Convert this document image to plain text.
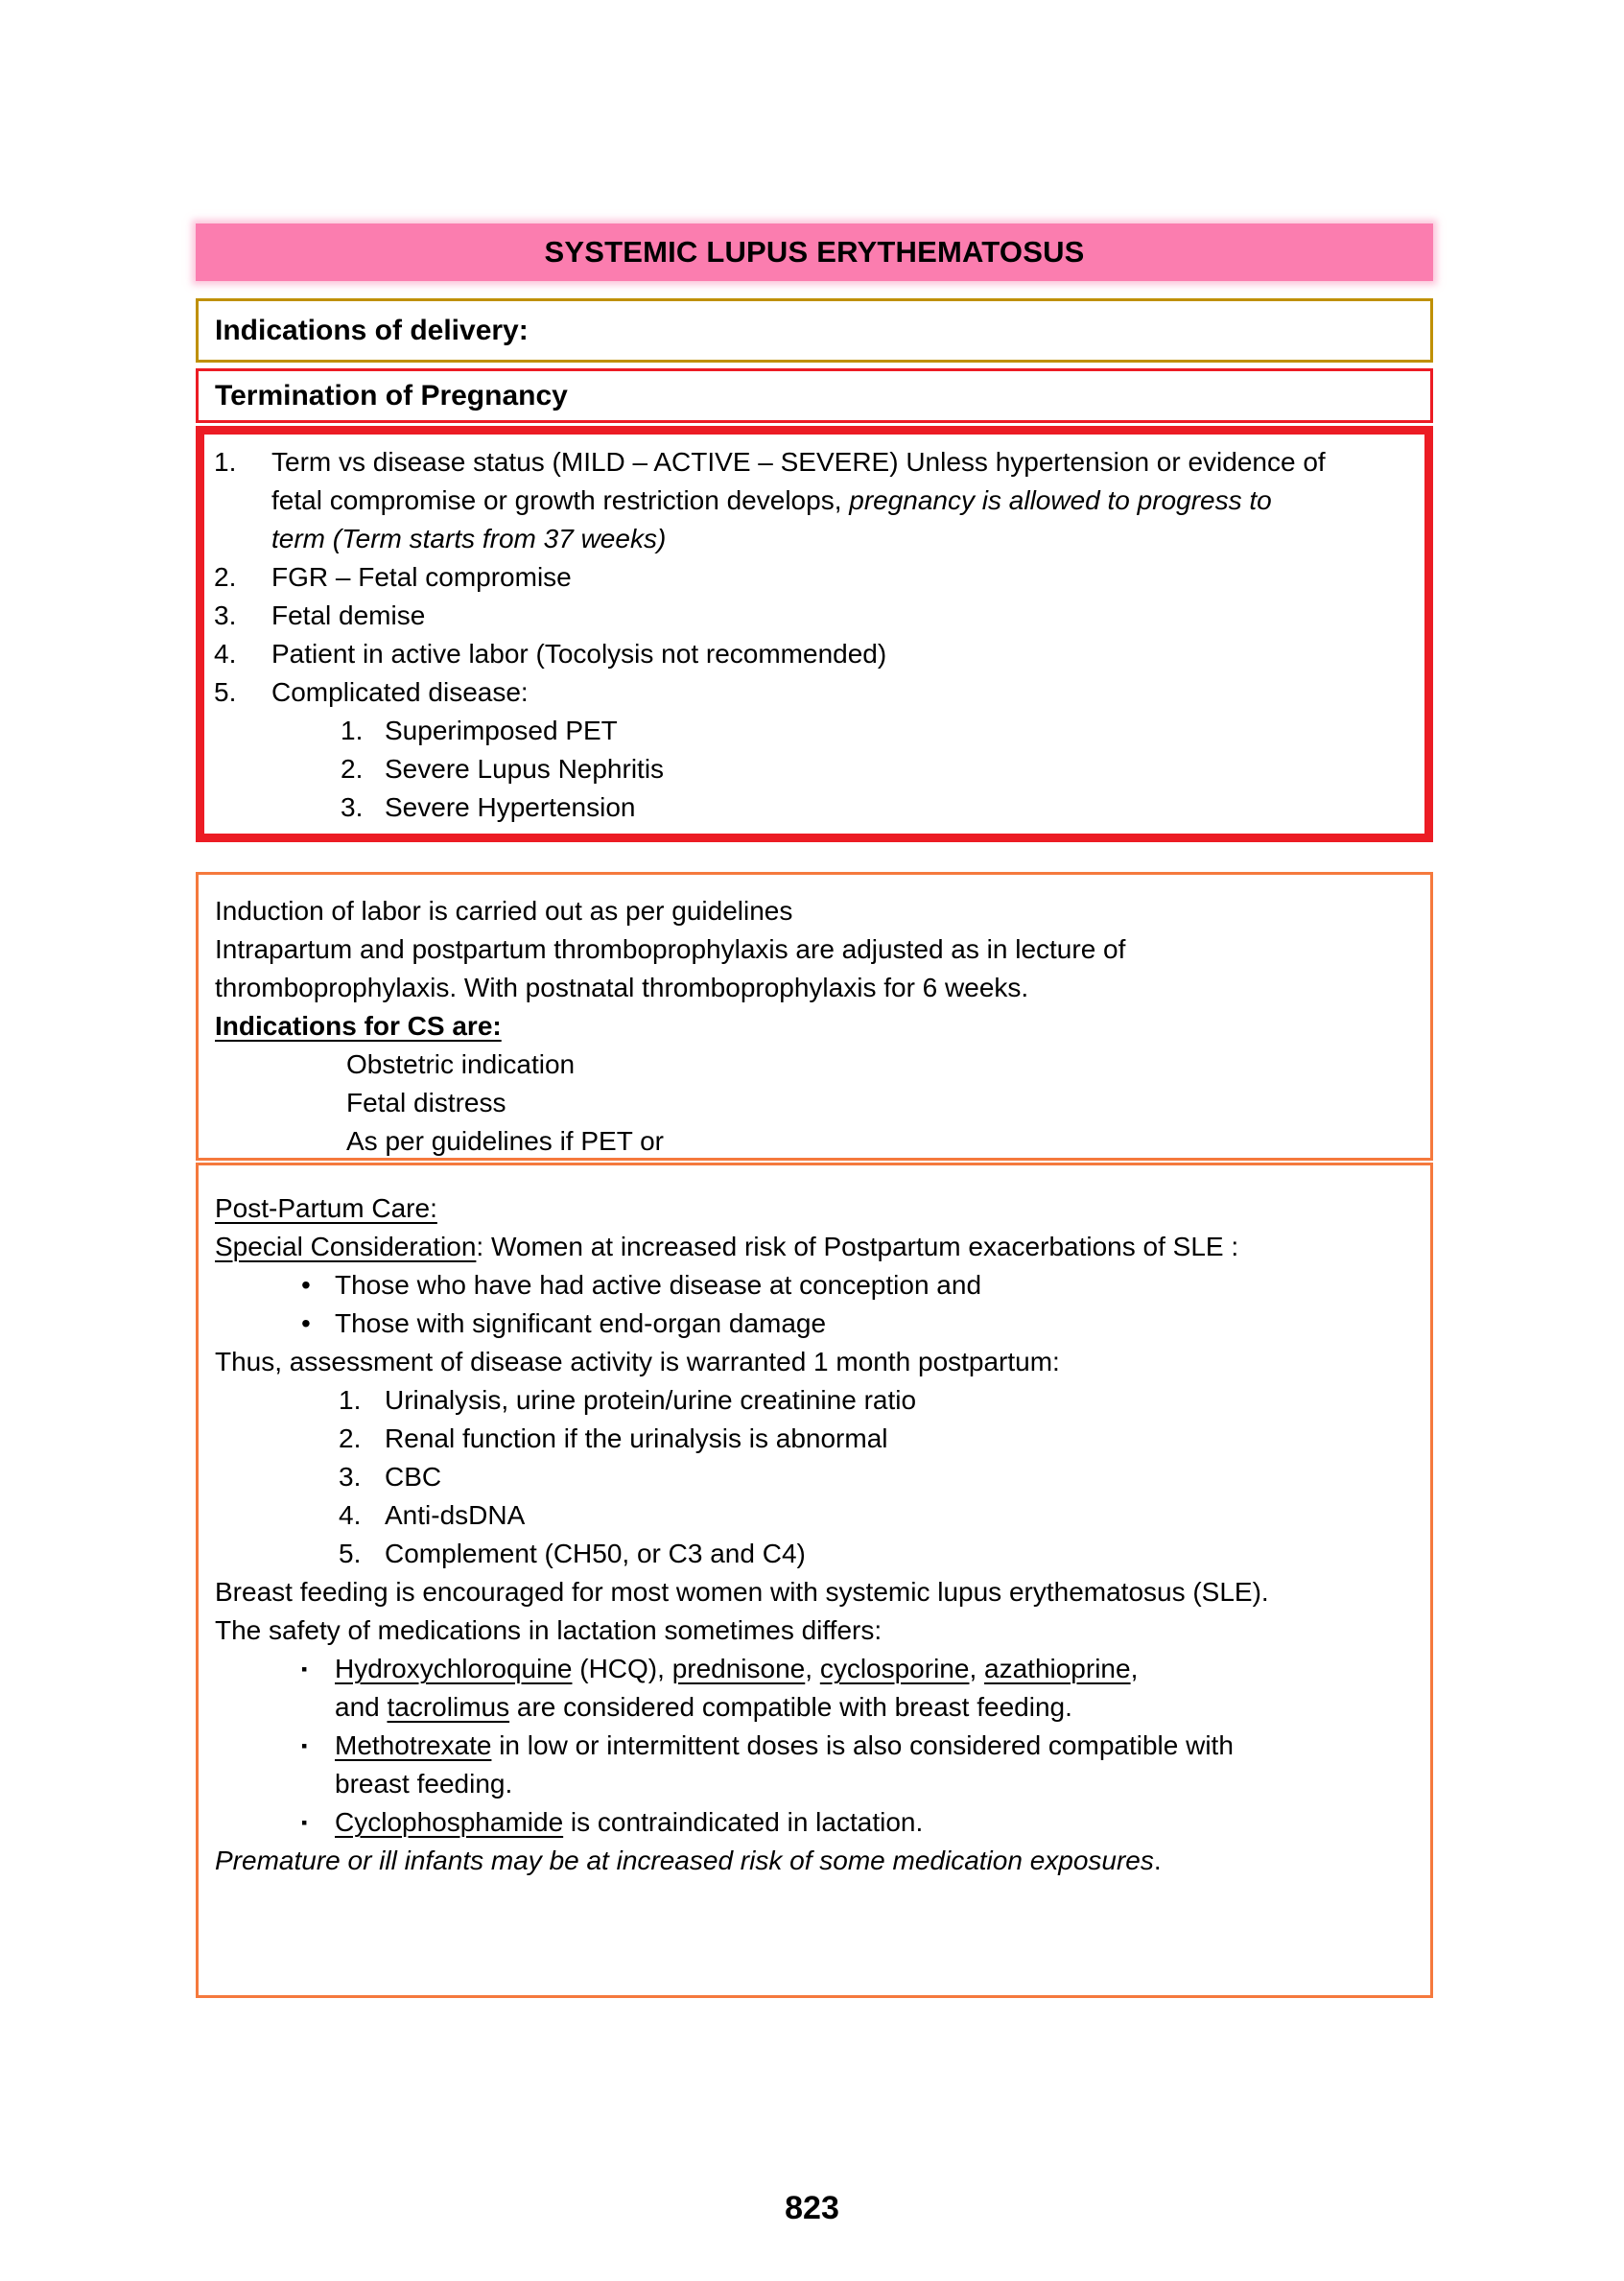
SYSTEMIC LUPUS ERYTHEMATOSUS
Indications of delivery:
Termination of Pregnancy
1.	Term vs disease status (MILD – ACTIVE – SEVERE) Unless hypertension or evidence of
fetal compromise or growth restriction develops, pregnancy is allowed to progress to
term (Term starts from 37 weeks)
2.	FGR – Fetal compromise
3.	Fetal demise
4.	Patient in active labor (Tocolysis not recommended)
5.	Complicated disease:
1. Superimposed PET
2. Severe Lupus Nephritis
3. Severe Hypertension
Induction of labor is carried out as per guidelines
Intrapartum and postpartum thromboprophylaxis are adjusted as in lecture of
thromboprophylaxis. With postnatal thromboprophylaxis for 6 weeks.
Indications for CS are:
Obstetric indication
Fetal distress
As per guidelines if PET or
Post-Partum Care:
Special Consideration: Women at increased risk of Postpartum exacerbations of SLE :
• Those who have had active disease at conception and
• Those with significant end-organ damage
Thus, assessment of disease activity is warranted 1 month postpartum:
1. Urinalysis, urine protein/urine creatinine ratio
2. Renal function if the urinalysis is abnormal
3. CBC
4. Anti-dsDNA
5. Complement (CH50, or C3 and C4)
Breast feeding is encouraged for most women with systemic lupus erythematosus (SLE).
The safety of medications in lactation sometimes differs:
▪	Hydroxychloroquine (HCQ), prednisone, cyclosporine, azathioprine,
and tacrolimus are considered compatible with breast feeding.
▪	Methotrexate in low or intermittent doses is also considered compatible with
breast feeding.
▪	Cyclophosphamide is contraindicated in lactation.
Premature or ill infants may be at increased risk of some medication exposures.
823
